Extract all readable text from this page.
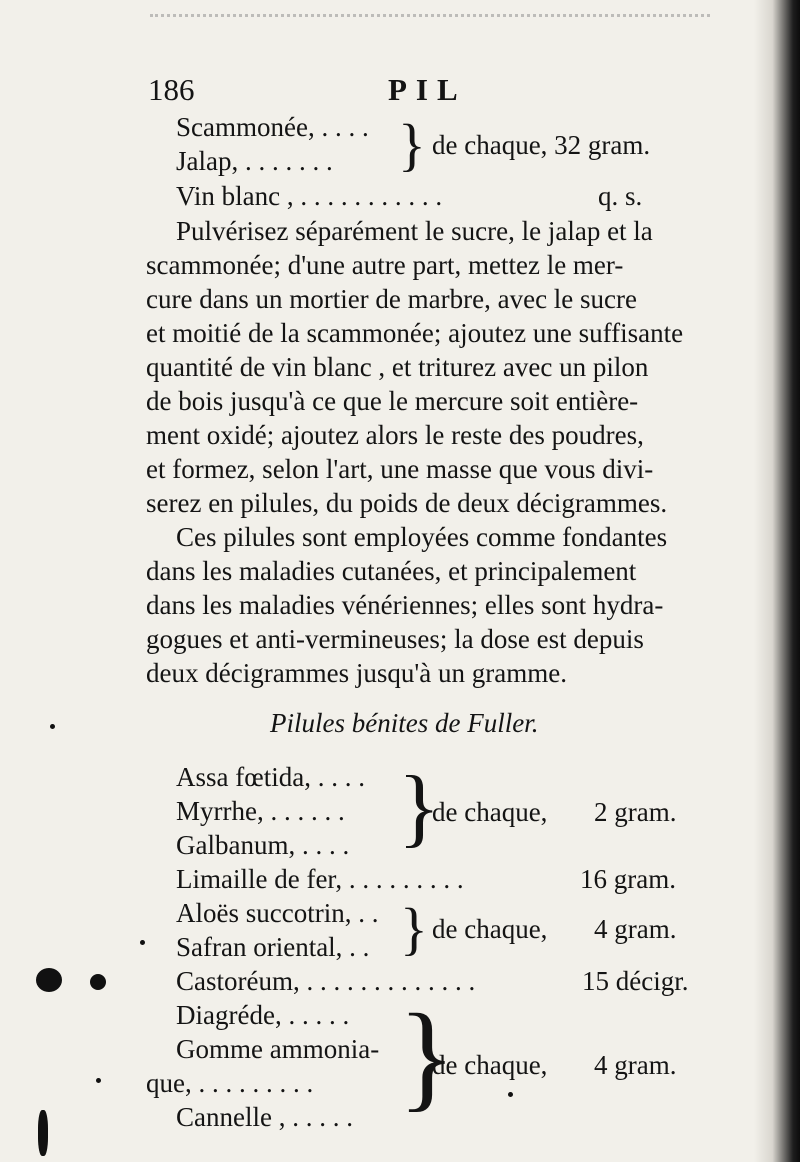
186	PIL
Scammonée, . . . .
Jalap, . . . . . . . } de chaque, 32 gram.
Vin blanc , . . . . . . . . . . .	q. s.
Pulvérisez séparément le sucre, le jalap et la
scammonée; d'une autre part, mettez le mer-
cure dans un mortier de marbre, avec le sucre
et moitié de la scammonée; ajoutez une suffisante
quantité de vin blanc , et triturez avec un pilon
de bois jusqu'à ce que le mercure soit entière-
ment oxidé; ajoutez alors le reste des poudres,
et formez, selon l'art, une masse que vous divi-
serez en pilules, du poids de deux décigrammes.
Ces pilules sont employées comme fondantes
dans les maladies cutanées, et principalement
dans les maladies vénériennes; elles sont hydra-
gogues et anti-vermineuses; la dose est depuis
deux décigrammes jusqu'à un gramme.
Pilules bénites de Fuller.
Assa fœtida, . . . .
Myrrhe, . . . . . .
Galbanum, . . . . }
de chaque, 2 gram.
Limaille de fer, . . . . . . . . .	16 gram.
Aloës succotrin, . .
Safran oriental, . . } de chaque, 4 gram.
Castoréum, . . . . . . . . . . . . .	15 décigr.
Diagréde, . . . . .
Gomme ammonia-
que, . . . . . . . . .
Cannelle , . . . . . }
de chaque, 4 gram.
